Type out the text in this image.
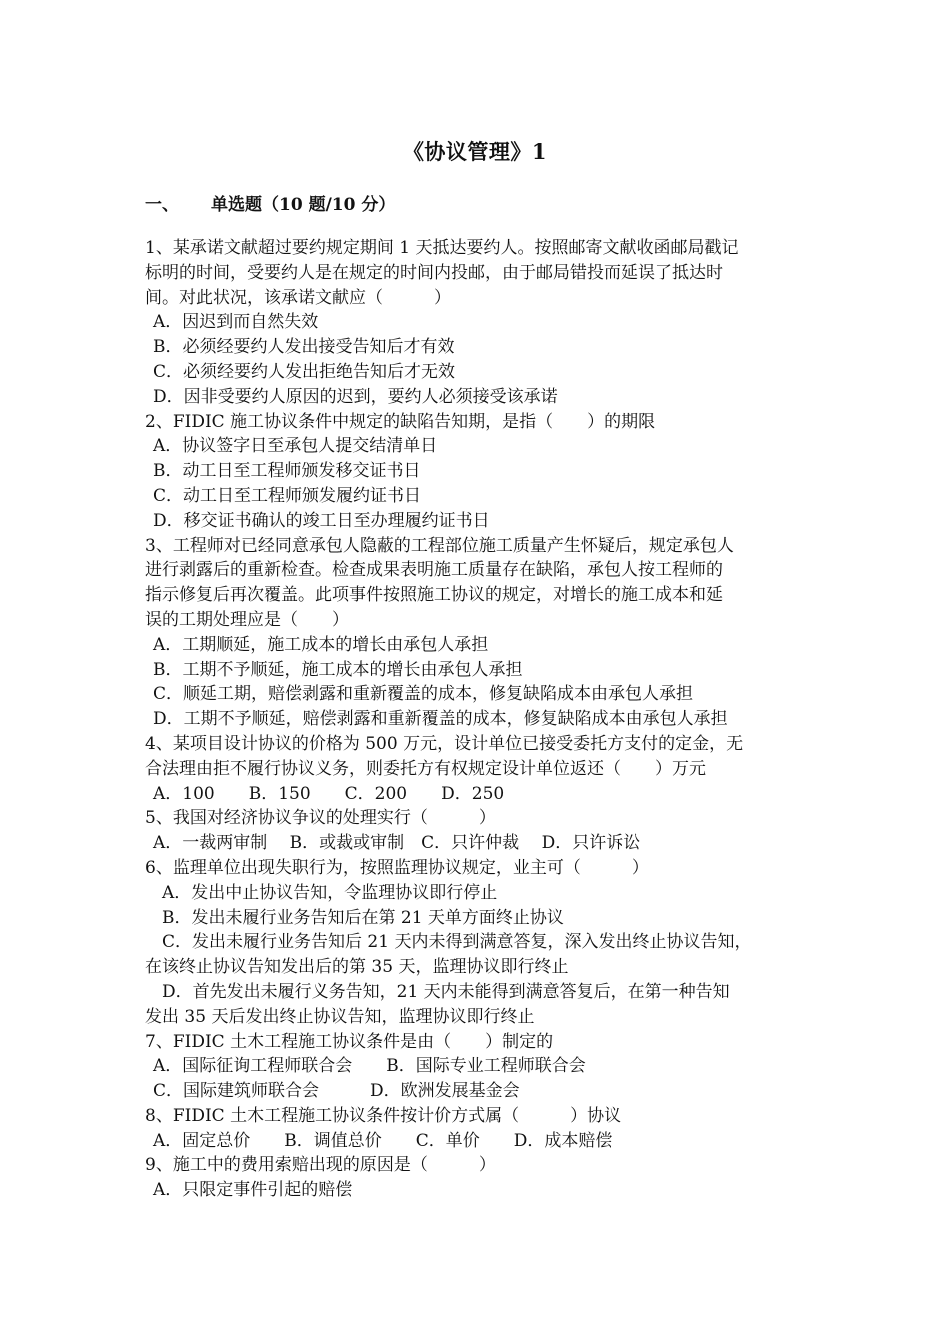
《协议管理》1
一、 单选题（10 题/10 分）
1、某承诺文献超过要约规定期间 1 天抵达要约人。按照邮寄文献收函邮局戳记
标明的时间，受要约人是在规定的时间内投邮，由于邮局错投而延误了抵达时
间。对此状况，该承诺文献应（　　　）
A．因迟到而自然失效
B．必须经要约人发出接受告知后才有效
C．必须经要约人发出拒绝告知后才无效
D．因非受要约人原因的迟到，要约人必须接受该承诺
2、FIDIC 施工协议条件中规定的缺陷告知期，是指（　　）的期限
A．协议签字日至承包人提交结清单日
B．动工日至工程师颁发移交证书日
C．动工日至工程师颁发履约证书日
D．移交证书确认的竣工日至办理履约证书日
3、工程师对已经同意承包人隐蔽的工程部位施工质量产生怀疑后，规定承包人
进行剥露后的重新检查。检查成果表明施工质量存在缺陷，承包人按工程师的
指示修复后再次覆盖。此项事件按照施工协议的规定，对增长的施工成本和延
误的工期处理应是（　　）
A．工期顺延，施工成本的增长由承包人承担
B．工期不予顺延，施工成本的增长由承包人承担
C．顺延工期，赔偿剥露和重新覆盖的成本，修复缺陷成本由承包人承担
D．工期不予顺延，赔偿剥露和重新覆盖的成本，修复缺陷成本由承包人承担
4、某项目设计协议的价格为 500 万元，设计单位已接受委托方支付的定金，无
合法理由拒不履行协议义务，则委托方有权规定设计单位返还（　　）万元
A．100　　B．150　　C．200　　D．250
5、我国对经济协议争议的处理实行（　　　）
A．一裁两审制　 B．或裁或审制　C．只许仲裁　 D．只许诉讼
6、监理单位出现失职行为，按照监理协议规定，业主可（　　　）
A．发出中止协议告知，令监理协议即行停止
B．发出未履行业务告知后在第 21 天单方面终止协议
C．发出未履行业务告知后 21 天内未得到满意答复，深入发出终止协议告知，
在该终止协议告知发出后的第 35 天，监理协议即行终止
D．首先发出未履行义务告知，21 天内未能得到满意答复后，在第一种告知
发出 35 天后发出终止协议告知，监理协议即行终止
7、FIDIC 土木工程施工协议条件是由（　　）制定的
A．国际征询工程师联合会　　B．国际专业工程师联合会
C．国际建筑师联合会　　　D．欧洲发展基金会
8、FIDIC 土木工程施工协议条件按计价方式属（　　　）协议
A．固定总价　　B．调值总价　　C．单价　　D．成本赔偿
9、施工中的费用索赔出现的原因是（　　　）
A．只限定事件引起的赔偿
